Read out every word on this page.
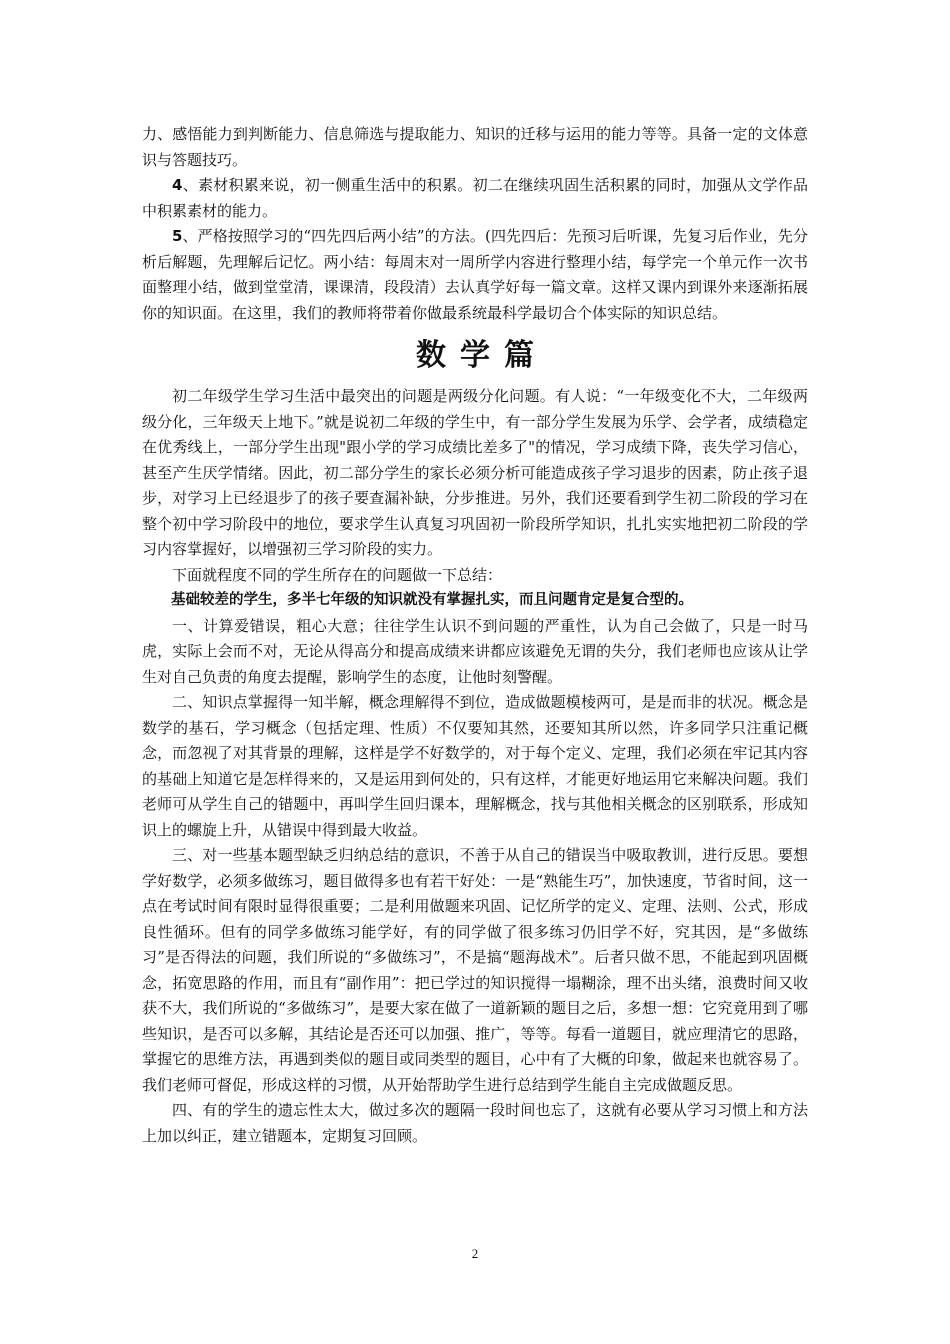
力、感悟能力到判断能力、信息筛选与提取能力、知识的迁移与运用的能力等等。具备一定的文体意识与答题技巧。

4、素材积累来说，初一侧重生活中的积累。初二在继续巩固生活积累的同时，加强从文学作品中积累素材的能力。

5、严格按照学习的“四先四后两小结”的方法。(四先四后：先预习后听课，先复习后作业，先分析后解题，先理解后记忆。两小结：每周末对一周所学内容进行整理小结，每学完一个单元作一次书面整理小结，做到堂堂清，课课清，段段清）去认真学好每一篇文章。这样又课内到课外来逐渐拓展你的知识面。在这里，我们的教师将带着你做最系统最科学最切合个体实际的知识总结。

数学篇

初二年级学生学习生活中最突出的问题是两级分化问题。有人说：“一年级变化不大，二年级两级分化，三年级天上地下。”就是说初二年级的学生中，有一部分学生发展为乐学、会学者，成绩稳定在优秀线上，一部分学生出现"跟小学的学习成绩比差多了"的情况，学习成绩下降，丧失学习信心，甚至产生厌学情绪。因此，初二部分学生的家长必须分析可能造成孩子学习退步的因素，防止孩子退步，对学习上已经退步了的孩子要查漏补缺，分步推进。另外，我们还要看到学生初二阶段的学习在整个初中学习阶段中的地位，要求学生认真复习巩固初一阶段所学知识，扎扎实实地把初二阶段的学习内容掌握好，以增强初三学习阶段的实力。

下面就程度不同的学生所存在的问题做一下总结：

基础较差的学生，多半七年级的知识就没有掌握扎实，而且问题肯定是复合型的。

一、计算爱错误，粗心大意；往往学生认识不到问题的严重性，认为自己会做了，只是一时马虎，实际上会而不对，无论从得高分和提高成绩来讲都应该避免无谓的失分，我们老师也应该从让学生对自己负责的角度去提醒，影响学生的态度，让他时刻警醒。

二、知识点掌握得一知半解，概念理解得不到位，造成做题模棱两可，是是而非的状况。概念是数学的基石，学习概念（包括定理、性质）不仅要知其然，还要知其所以然，许多同学只注重记概念，而忽视了对其背景的理解，这样是学不好数学的，对于每个定义、定理，我们必须在牢记其内容的基础上知道它是怎样得来的，又是运用到何处的，只有这样，才能更好地运用它来解决问题。我们老师可从学生自己的错题中，再叫学生回归课本，理解概念，找与其他相关概念的区别联系，形成知识上的螺旋上升，从错误中得到最大收益。

三、对一些基本题型缺乏归纳总结的意识，不善于从自己的错误当中吸取教训，进行反思。要想学好数学，必须多做练习，题目做得多也有若干好处：一是“熟能生巧”，加快速度，节省时间，这一点在考试时间有限时显得很重要；二是利用做题来巩固、记忆所学的定义、定理、法则、公式，形成良性循环。但有的同学多做练习能学好，有的同学做了很多练习仍旧学不好，究其因，是“多做练习”是否得法的问题，我们所说的“多做练习”，不是搞“题海战术”。后者只做不思，不能起到巩固概念，拓宽思路的作用，而且有“副作用”：把已学过的知识搅得一塌糊涂，理不出头绪，浪费时间又收获不大，我们所说的“多做练习”，是要大家在做了一道新颖的题目之后，多想一想：它究竟用到了哪些知识，是否可以多解，其结论是否还可以加强、推广，等等。每看一道题目，就应理清它的思路，掌握它的思维方法，再遇到类似的题目或同类型的题目，心中有了大概的印象，做起来也就容易了。我们老师可督促，形成这样的习惯，从开始帮助学生进行总结到学生能自主完成做题反思。

四、有的学生的遗忘性太大，做过多次的题隔一段时间也忘了，这就有必要从学习习惯上和方法上加以纠正，建立错题本，定期复习回顾。

2
